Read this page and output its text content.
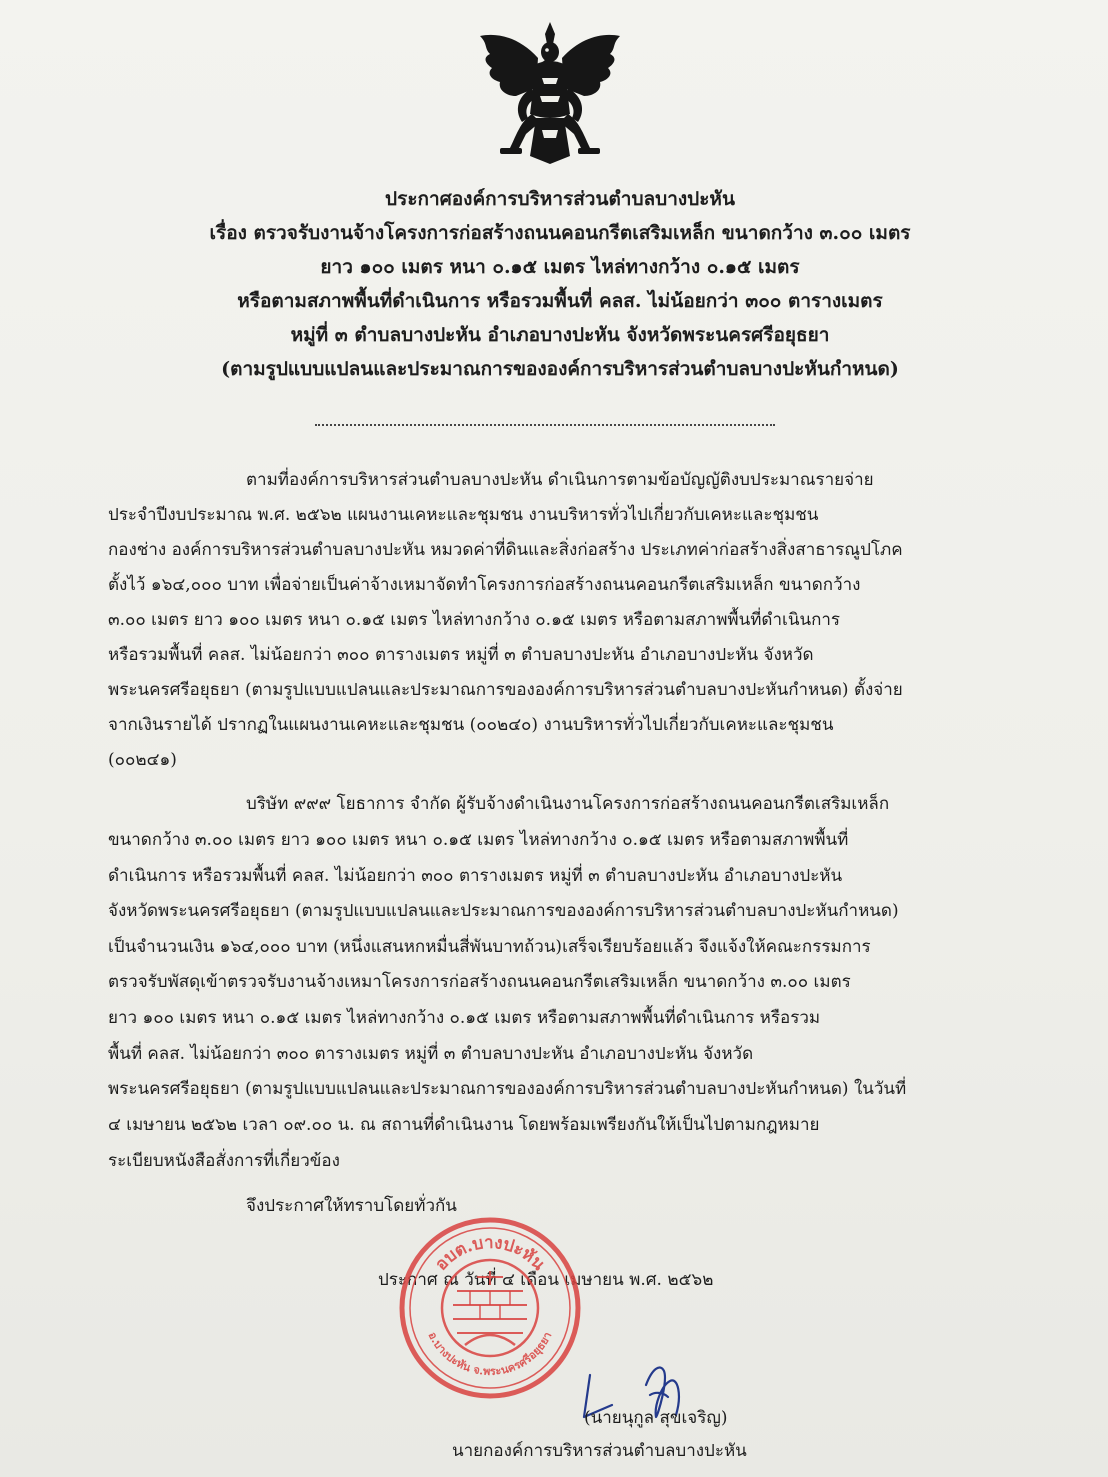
ประกาศองค์การบริหารส่วนตำบลบางปะหัน

เรื่อง ตรวจรับงานจ้างโครงการก่อสร้างถนนคอนกรีตเสริมเหล็ก ขนาดกว้าง ๓.๐๐ เมตร

ยาว ๑๐๐ เมตร หนา ๐.๑๕ เมตร ไหล่ทางกว้าง ๐.๑๕ เมตร

หรือตามสภาพพื้นที่ดำเนินการ หรือรวมพื้นที่ คลส. ไม่น้อยกว่า ๓๐๐ ตารางเมตร

หมู่ที่ ๓ ตำบลบางปะหัน อำเภอบางปะหัน จังหวัดพระนครศรีอยุธยา

(ตามรูปแบบแปลนและประมาณการขององค์การบริหารส่วนตำบลบางปะหันกำหนด)

ตามที่องค์การบริหารส่วนตำบลบางปะหัน ดำเนินการตามข้อบัญญัติงบประมาณรายจ่าย
ประจำปีงบประมาณ พ.ศ. ๒๕๖๒ แผนงานเคหะและชุมชน งานบริหารทั่วไปเกี่ยวกับเคหะและชุมชน
กองช่าง องค์การบริหารส่วนตำบลบางปะหัน หมวดค่าที่ดินและสิ่งก่อสร้าง ประเภทค่าก่อสร้างสิ่งสาธารณูปโภค
ตั้งไว้ ๑๖๔,๐๐๐ บาท เพื่อจ่ายเป็นค่าจ้างเหมาจัดทำโครงการก่อสร้างถนนคอนกรีตเสริมเหล็ก ขนาดกว้าง
๓.๐๐ เมตร ยาว ๑๐๐ เมตร หนา ๐.๑๕ เมตร ไหล่ทางกว้าง ๐.๑๕ เมตร หรือตามสภาพพื้นที่ดำเนินการ
หรือรวมพื้นที่ คลส. ไม่น้อยกว่า ๓๐๐ ตารางเมตร หมู่ที่ ๓ ตำบลบางปะหัน อำเภอบางปะหัน จังหวัด
พระนครศรีอยุธยา (ตามรูปแบบแปลนและประมาณการขององค์การบริหารส่วนตำบลบางปะหันกำหนด) ตั้งจ่าย
จากเงินรายได้ ปรากฏในแผนงานเคหะและชุมชน (๐๐๒๔๐) งานบริหารทั่วไปเกี่ยวกับเคหะและชุมชน
(๐๐๒๔๑)
บริษัท ๙๙๙ โยธาการ จำกัด ผู้รับจ้างดำเนินงานโครงการก่อสร้างถนนคอนกรีตเสริมเหล็ก
ขนาดกว้าง ๓.๐๐ เมตร ยาว ๑๐๐ เมตร หนา ๐.๑๕ เมตร ไหล่ทางกว้าง ๐.๑๕ เมตร หรือตามสภาพพื้นที่
ดำเนินการ หรือรวมพื้นที่ คลส. ไม่น้อยกว่า ๓๐๐ ตารางเมตร หมู่ที่ ๓ ตำบลบางปะหัน อำเภอบางปะหัน
จังหวัดพระนครศรีอยุธยา (ตามรูปแบบแปลนและประมาณการขององค์การบริหารส่วนตำบลบางปะหันกำหนด)
เป็นจำนวนเงิน ๑๖๔,๐๐๐ บาท (หนึ่งแสนหกหมื่นสี่พันบาทถ้วน)เสร็จเรียบร้อยแล้ว จึงแจ้งให้คณะกรรมการ
ตรวจรับพัสดุเข้าตรวจรับงานจ้างเหมาโครงการก่อสร้างถนนคอนกรีตเสริมเหล็ก ขนาดกว้าง ๓.๐๐ เมตร
ยาว ๑๐๐ เมตร หนา ๐.๑๕ เมตร ไหล่ทางกว้าง ๐.๑๕ เมตร หรือตามสภาพพื้นที่ดำเนินการ หรือรวม
พื้นที่ คลส. ไม่น้อยกว่า ๓๐๐ ตารางเมตร หมู่ที่ ๓ ตำบลบางปะหัน อำเภอบางปะหัน จังหวัด
พระนครศรีอยุธยา (ตามรูปแบบแปลนและประมาณการขององค์การบริหารส่วนตำบลบางปะหันกำหนด) ในวันที่
๔ เมษายน ๒๕๖๒ เวลา ๐๙.๐๐ น. ณ สถานที่ดำเนินงาน โดยพร้อมเพรียงกันให้เป็นไปตามกฎหมาย
ระเบียบหนังสือสั่งการที่เกี่ยวข้อง
จึงประกาศให้ทราบโดยทั่วกัน
ประกาศ ณ วันที่ ๔ เดือน เมษายน พ.ศ. ๒๕๖๒
อบต.บางปะหัน
อ.บางปะหัน จ.พระนครศรีอยุธยา
(นายนุกูล สุขเจริญ)
นายกองค์การบริหารส่วนตำบลบางปะหัน
